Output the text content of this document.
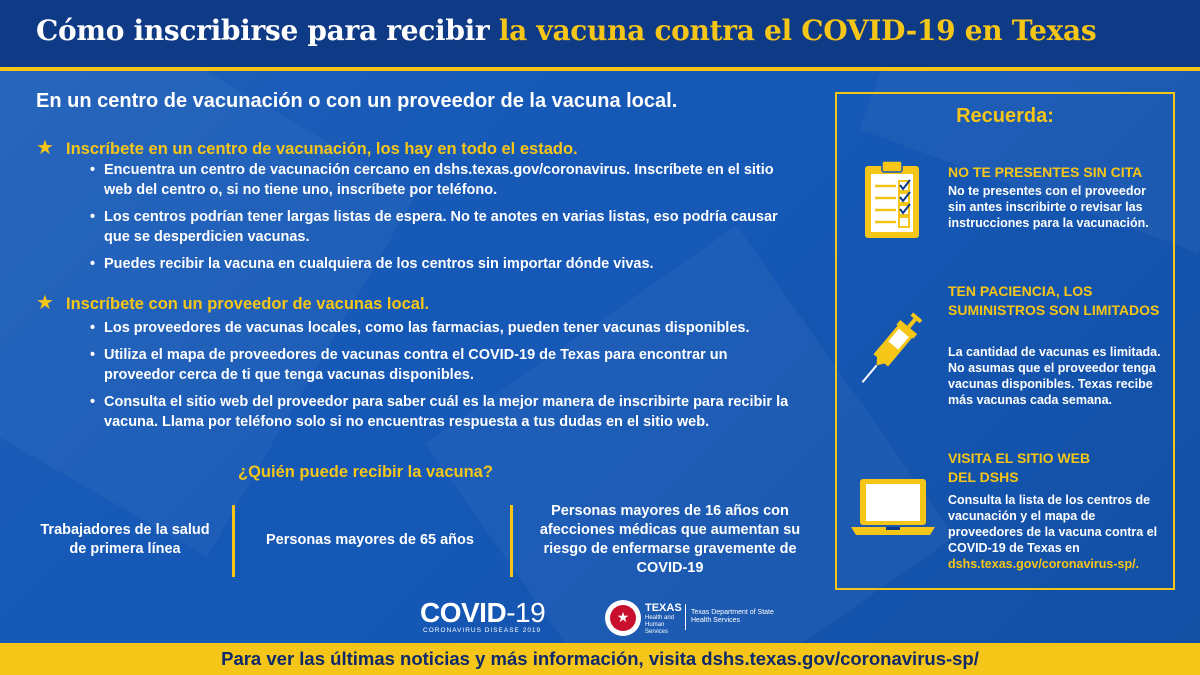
Cómo inscribirse para recibir la vacuna contra el COVID-19 en Texas
En un centro de vacunación o con un proveedor de la vacuna local.
★ Inscríbete en un centro de vacunación, los hay en todo el estado.
• Encuentra un centro de vacunación cercano en dshs.texas.gov/coronavirus. Inscríbete en el sitio web del centro o, si no tiene uno, inscríbete por teléfono.
• Los centros podrían tener largas listas de espera. No te anotes en varias listas, eso podría causar que se desperdicien vacunas.
• Puedes recibir la vacuna en cualquiera de los centros sin importar dónde vivas.
★ Inscríbete con un proveedor de vacunas local.
• Los proveedores de vacunas locales, como las farmacias, pueden tener vacunas disponibles.
• Utiliza el mapa de proveedores de vacunas contra el COVID-19 de Texas para encontrar un proveedor cerca de ti que tenga vacunas disponibles.
• Consulta el sitio web del proveedor para saber cuál es la mejor manera de inscribirte para recibir la vacuna. Llama por teléfono solo si no encuentras respuesta a tus dudas en el sitio web.
¿Quién puede recibir la vacuna?
Trabajadores de la salud de primera línea
Personas mayores de 65 años
Personas mayores de 16 años con afecciones médicas que aumentan su riesgo de enfermarse gravemente de COVID-19
Recuerda:
NO TE PRESENTES SIN CITA
No te presentes con el proveedor sin antes inscribirte o revisar las instrucciones para la vacunación.
TEN PACIENCIA, LOS SUMINISTROS SON LIMITADOS
La cantidad de vacunas es limitada. No asumas que el proveedor tenga vacunas disponibles. Texas recibe más vacunas cada semana.
VISITA EL SITIO WEB DEL DSHS
Consulta la lista de los centros de vacunación y el mapa de proveedores de la vacuna contra el COVID-19 de Texas en dshs.texas.gov/coronavirus-sp/.
COVID-19
CORONAVIRUS DISEASE 2019
★
TEXAS
Health and Human Services
Texas Department of State Health Services
Para ver las últimas noticias y más información, visita dshs.texas.gov/coronavirus-sp/
